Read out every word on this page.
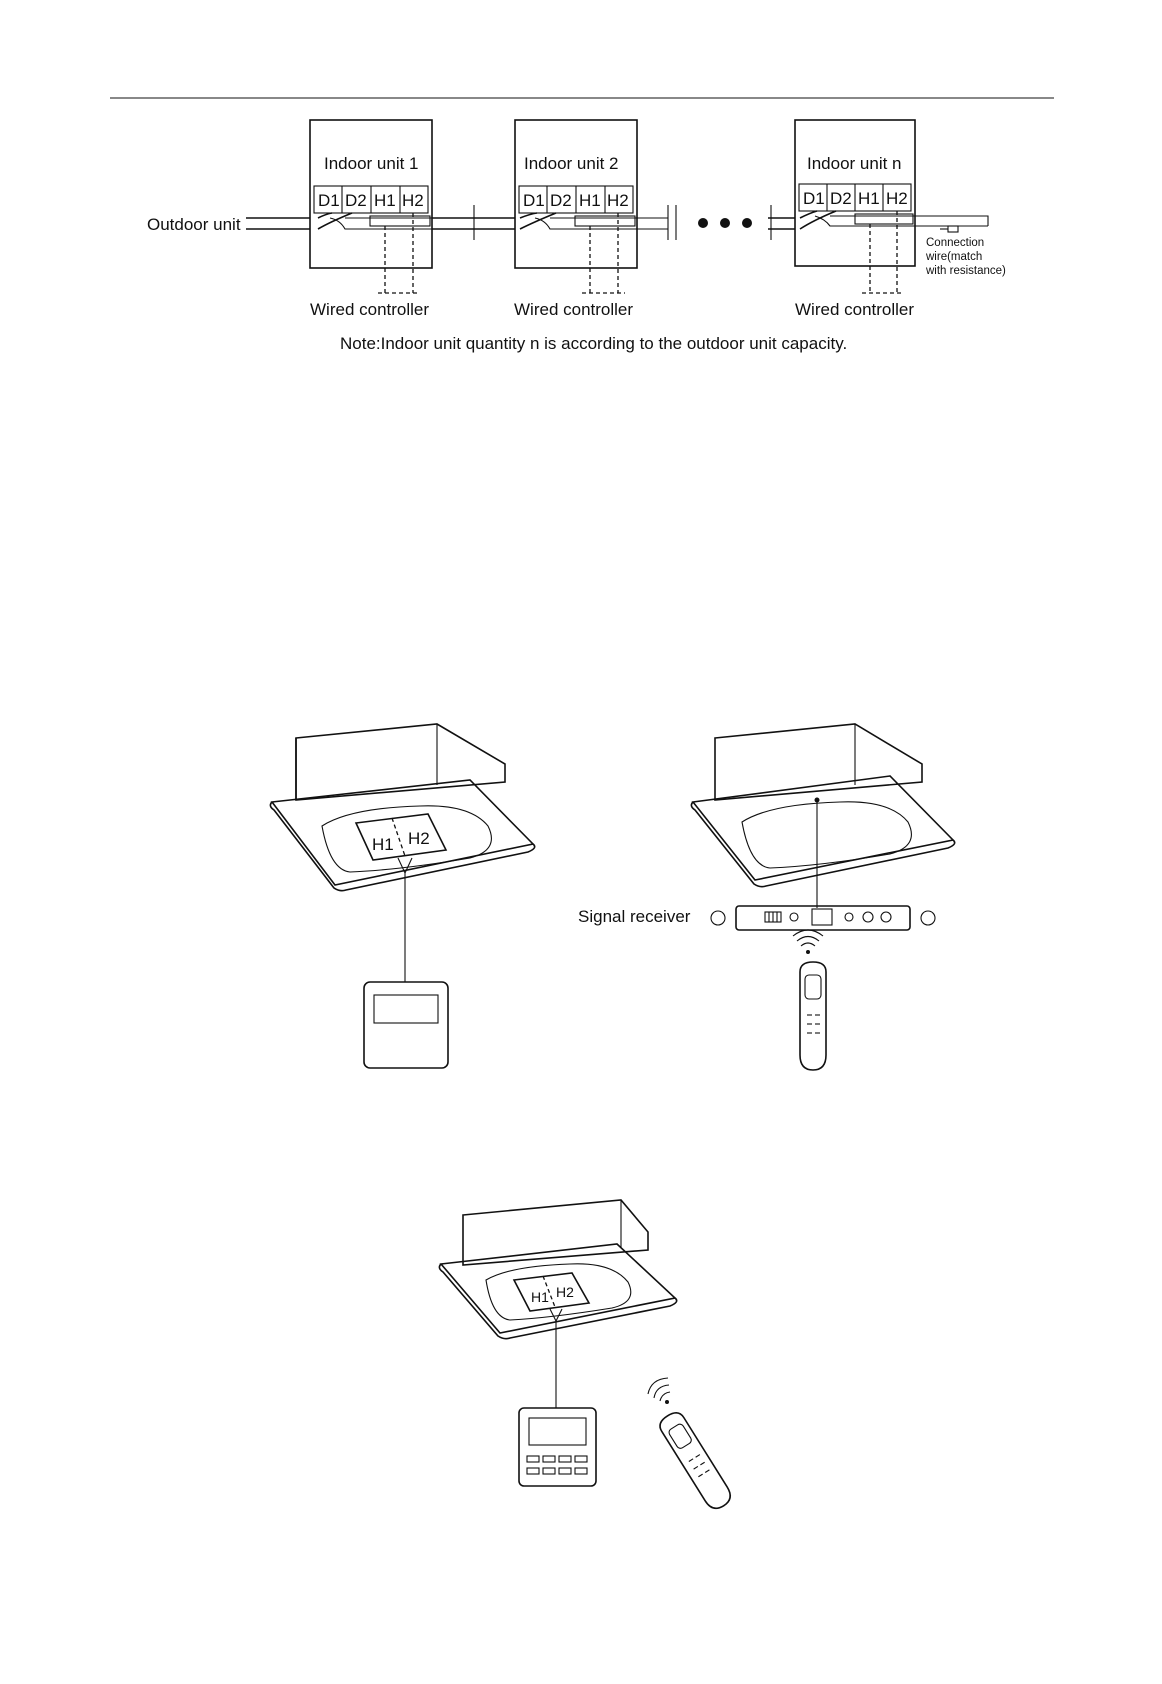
Outdoor unit
Indoor unit 1
D1 D2 H1 H2
Wired controller
Indoor unit 2
D1 D2 H1 H2
Wired controller
Indoor unit n
D1 D2 H1 H2
Wired controller
Connection
wire(match
with resistance)
Note:Indoor unit quantity n is according to the outdoor unit capacity.
H1 H2
Signal receiver
H1 H2
